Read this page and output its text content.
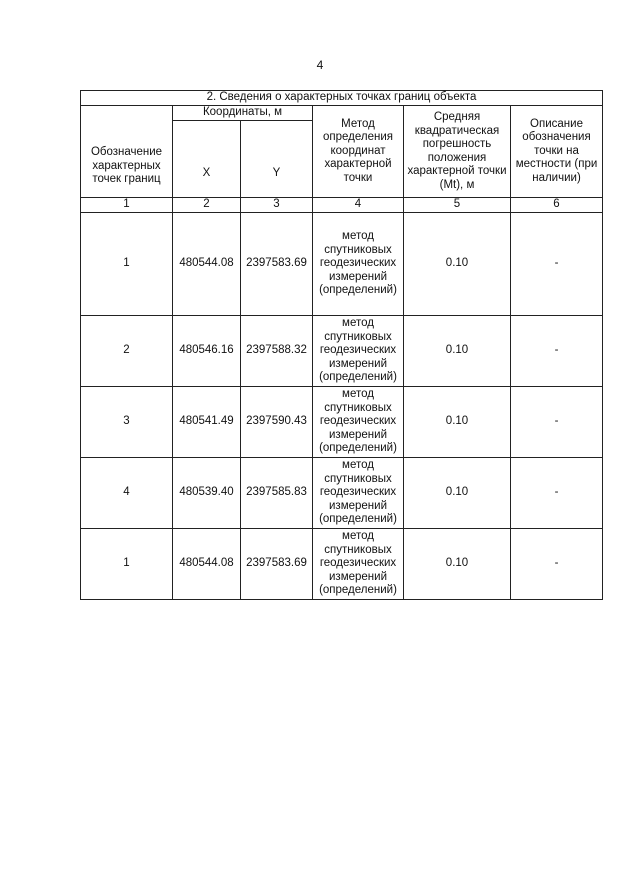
4
2. Сведения о характерных точках границ объекта					

Обозначение характерных точек границ	Координаты, м		Метод определения координат характерной точки	Средняя квадратическая погрешность положения характерной точки (Mt), м	Описание обозначения точки на местности (при наличии)

	X	Y			

1	2	3	4	5	6
1	480544.08	2397583.69	метод
спутниковых
геодезических
измерений
(определений)	0.10	-
2	480546.16	2397588.32	метод
спутниковых
геодезических
измерений
(определений)	0.10	-
3	480541.49	2397590.43	метод
спутниковых
геодезических
измерений
(определений)	0.10	-
4	480539.40	2397585.83	метод
спутниковых
геодезических
измерений
(определений)	0.10	-
1	480544.08	2397583.69	метод
спутниковых
геодезических
измерений
(определений)	0.10	-
